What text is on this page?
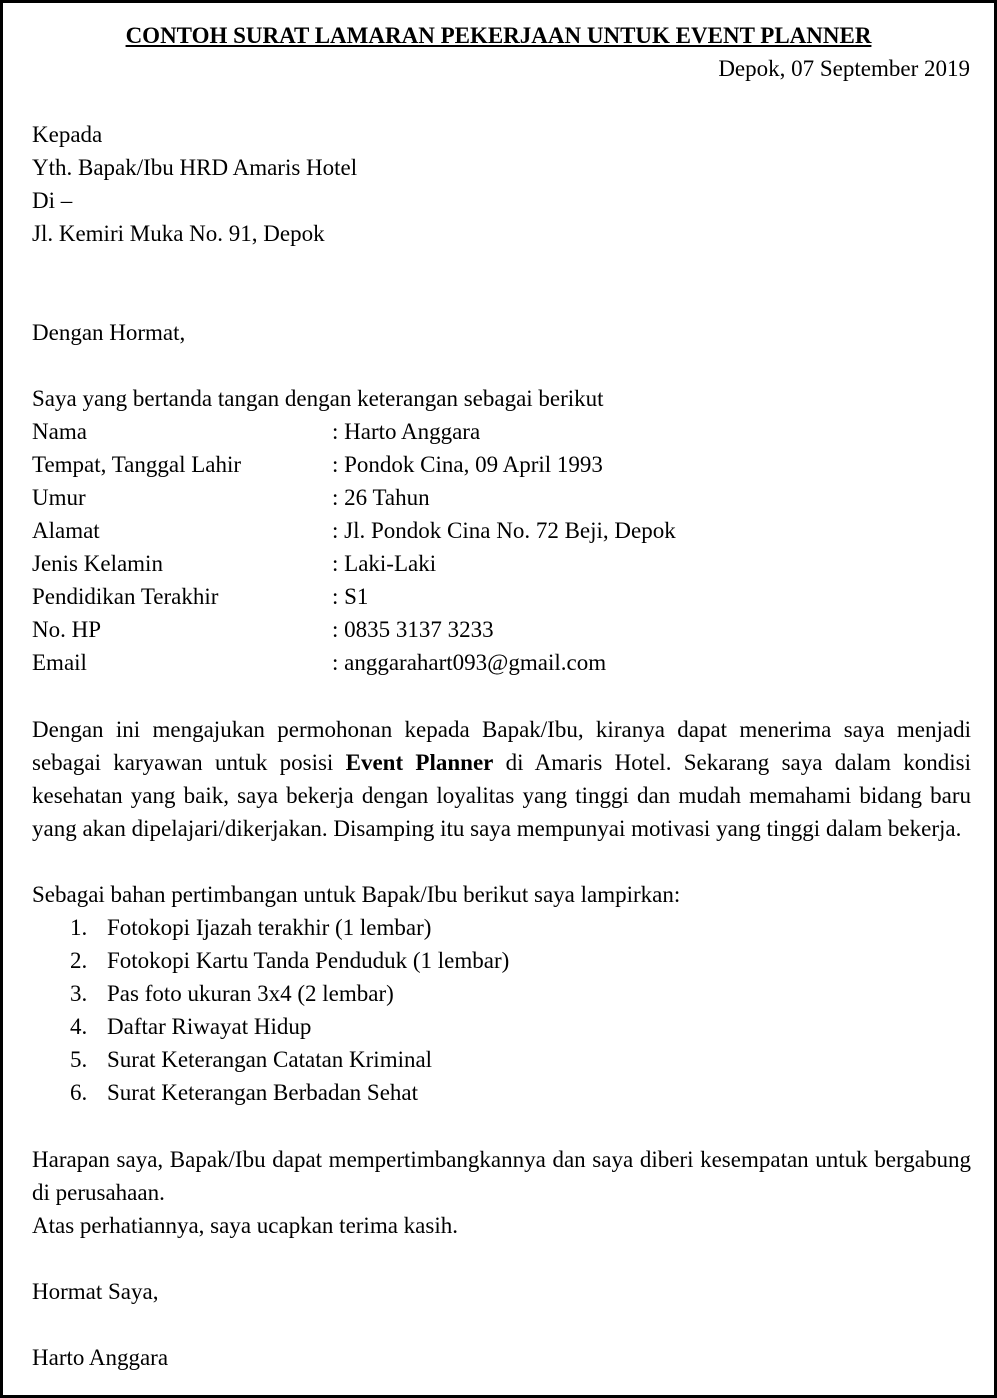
CONTOH SURAT LAMARAN PEKERJAAN UNTUK EVENT PLANNER
Depok, 07 September 2019
Kepada
Yth. Bapak/Ibu HRD Amaris Hotel
Di –
Jl. Kemiri Muka No. 91, Depok
Dengan Hormat,
Saya yang bertanda tangan dengan keterangan sebagai berikut
Nama	: Harto Anggara
Tempat, Tanggal Lahir	: Pondok Cina, 09 April 1993
Umur	: 26 Tahun
Alamat	: Jl. Pondok Cina No. 72 Beji, Depok
Jenis Kelamin	: Laki-Laki
Pendidikan Terakhir	: S1
No. HP	: 0835 3137 3233
Email	: anggarahart093@gmail.com

Dengan ini mengajukan permohonan kepada Bapak/Ibu, kiranya dapat menerima saya menjadi sebagai karyawan untuk posisi Event Planner di Amaris Hotel. Sekarang saya dalam kondisi kesehatan yang baik, saya bekerja dengan loyalitas yang tinggi dan mudah memahami bidang baru yang akan dipelajari/dikerjakan. Disamping itu saya mempunyai motivasi yang tinggi dalam bekerja.

Sebagai bahan pertimbangan untuk Bapak/Ibu berikut saya lampirkan:
1. Fotokopi Ijazah terakhir (1 lembar)
2. Fotokopi Kartu Tanda Penduduk (1 lembar)
3. Pas foto ukuran 3x4 (2 lembar)
4. Daftar Riwayat Hidup
5. Surat Keterangan Catatan Kriminal
6. Surat Keterangan Berbadan Sehat

Harapan saya, Bapak/Ibu dapat mempertimbangkannya dan saya diberi kesempatan untuk bergabung di perusahaan.

Atas perhatiannya, saya ucapkan terima kasih.
Hormat Saya,
Harto Anggara
